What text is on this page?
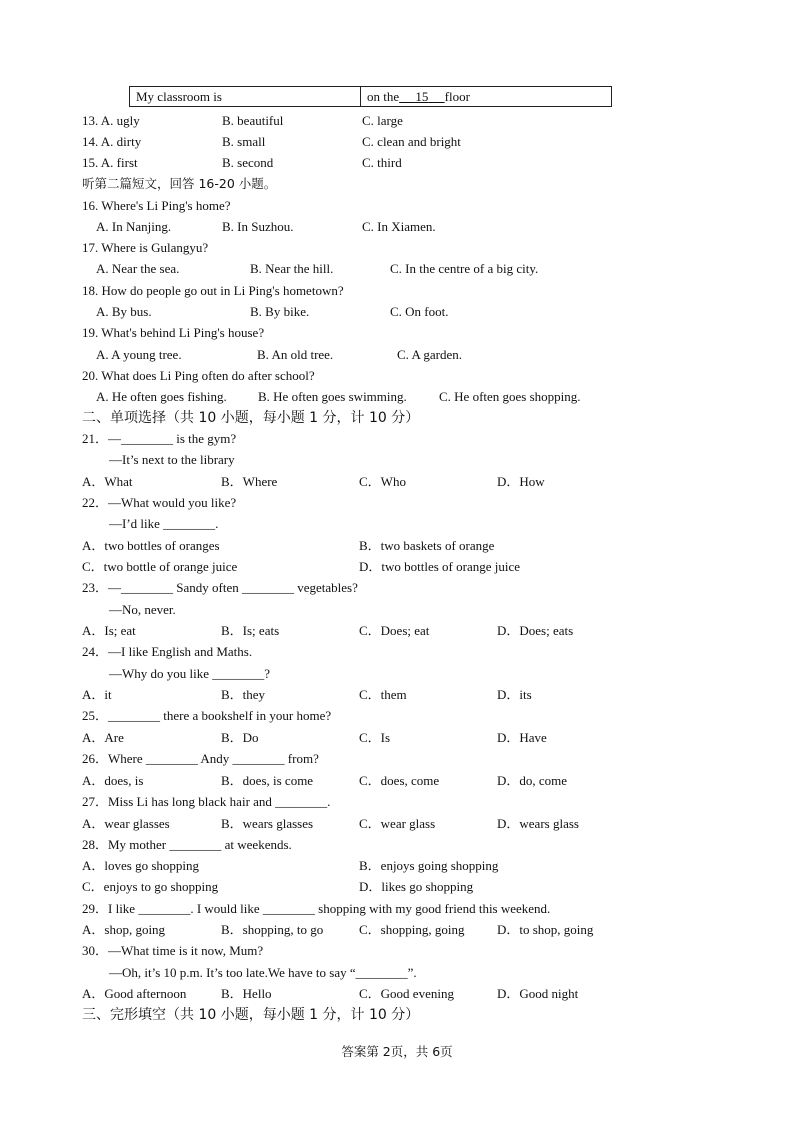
My classroom is	on the 15 floor
13. A. ugly	B. beautiful	C. large
14. A. dirty	B. small	C. clean and bright
15. A. first	B. second	C. third
听第二篇短文，回答 16-20 小题。
16. Where's Li Ping's home?
A. In Nanjing.	B. In Suzhou.	C. In Xiamen.
17. Where is Gulangyu?
A. Near the sea.	B. Near the hill.	C. In the centre of a big city.
18. How do people go out in Li Ping's hometown?
A. By bus.	B. By bike.	C. On foot.
19. What's behind Li Ping's house?
A. A young tree.	B. An old tree.	C. A garden.
20. What does Li Ping often do after school?
A. He often goes fishing. B. He often goes swimming. C. He often goes shopping.
二、单项选择（共 10 小题，每小题 1 分，计 10 分）
21．—________ is the gym?
—It’s next to the library
A．What	B．Where	C．Who	D．How
22．—What would you like?
—I’d like ________.
A．two bottles of oranges	B．two baskets of orange
C．two bottle of orange juice	D．two bottles of orange juice
23．—________ Sandy often ________ vegetables?
—No, never.
A．Is; eat	B．Is; eats	C．Does; eat	D．Does; eats
24．—I like English and Maths.
—Why do you like ________?
A．it	B．they	C．them	D．its
25．________ there a bookshelf in your home?
A．Are	B．Do	C．Is	D．Have
26．Where ________ Andy ________ from?
A．does, is	B．does, is come	C．does, come	D．do, come
27．Miss Li has long black hair and ________.
A．wear glasses	B．wears glasses	C．wear glass	D．wears glass
28．My mother ________ at weekends.
A．loves go shopping	B．enjoys going shopping
C．enjoys to go shopping	D．likes go shopping
29．I like ________. I would like ________ shopping with my good friend this weekend.
A．shop, going	B．shopping, to go	C．shopping, going	D．to shop, going
30．—What time is it now, Mum?
—Oh, it’s 10 p.m. It’s too late.We have to say “________”.
A．Good afternoon	B．Hello	C．Good evening	D．Good night
三、完形填空（共 10 小题，每小题 1 分，计 10 分）
答案第 2页，共 6页
